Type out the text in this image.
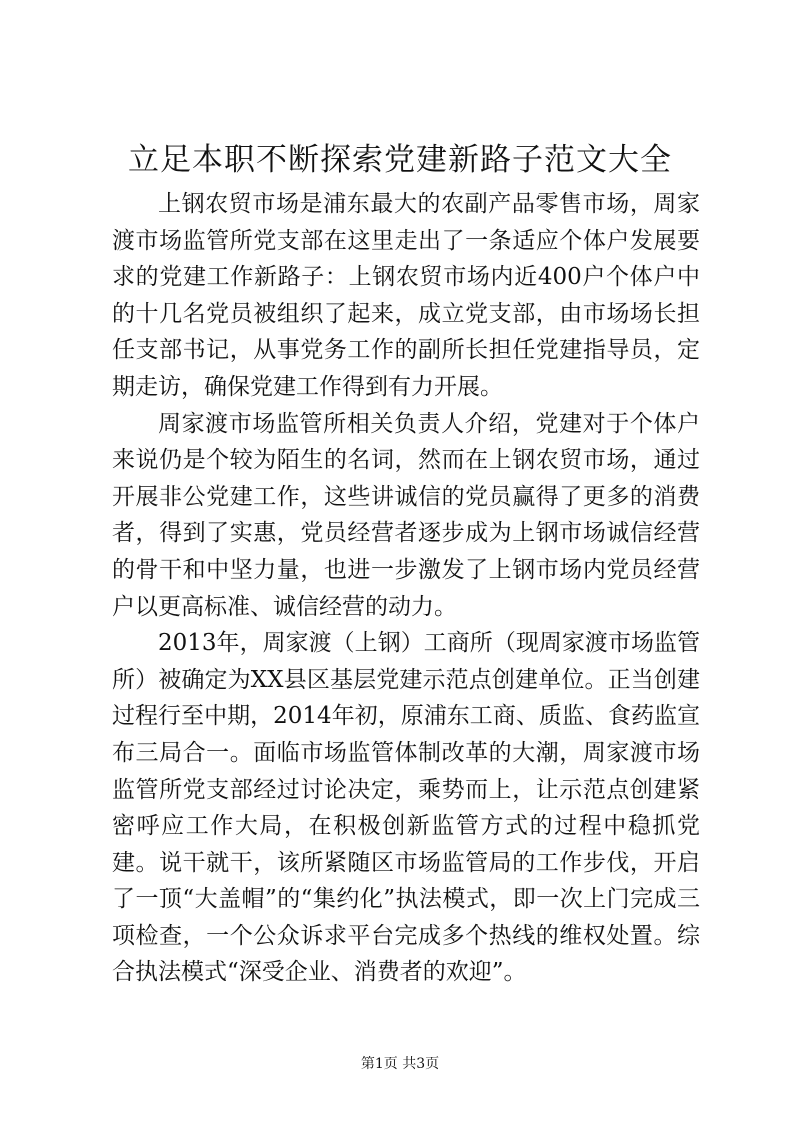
立足本职不断探索党建新路子范文大全

上钢农贸市场是浦东最大的农副产品零售市场，周家渡市场监管所党支部在这里走出了一条适应个体户发展要求的党建工作新路子：上钢农贸市场内近400户个体户中的十几名党员被组织了起来，成立党支部，由市场场长担任支部书记，从事党务工作的副所长担任党建指导员，定期走访，确保党建工作得到有力开展。

周家渡市场监管所相关负责人介绍，党建对于个体户来说仍是个较为陌生的名词，然而在上钢农贸市场，通过开展非公党建工作，这些讲诚信的党员赢得了更多的消费者，得到了实惠，党员经营者逐步成为上钢市场诚信经营的骨干和中坚力量，也进一步激发了上钢市场内党员经营户以更高标准、诚信经营的动力。

2013年，周家渡（上钢）工商所（现周家渡市场监管所）被确定为XX县区基层党建示范点创建单位。正当创建过程行至中期，2014年初，原浦东工商、质监、食药监宣布三局合一。面临市场监管体制改革的大潮，周家渡市场监管所党支部经过讨论决定，乘势而上，让示范点创建紧密呼应工作大局，在积极创新监管方式的过程中稳抓党建。说干就干，该所紧随区市场监管局的工作步伐，开启了一顶“大盖帽”的“集约化”执法模式，即一次上门完成三项检查，一个公众诉求平台完成多个热线的维权处置。综合执法模式“深受企业、消费者的欢迎”。

第1页 共3页
